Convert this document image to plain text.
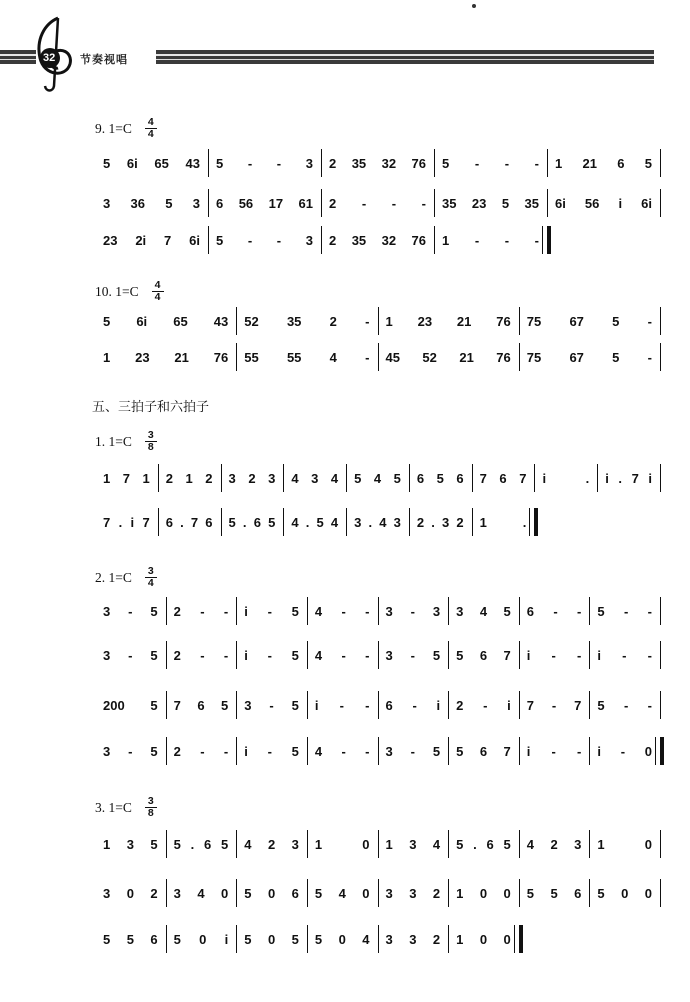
32 节奏视唱
9. 1=C	4
4
5 6i 65 43 5 - - 3 2 35 32 76 5 - - - 1 21 6 5
3 36 5 3 6 56 17 61 2 - - - 35 23 5 35 6i 56 i 6i
23 2i 7 6i 5 - - 3 2 35 32 76 1 - - -
10. 1=C	4
4
5 6i 65 43 52 35 2 - 1 23 21 76 75 67 5 -
1 23 21 76 55 55 4 - 45 52 21 76 75 67 5 -
1. 1=C	3
8
1 7 1 2 1 2 3 2 3 4 3 4 5 4 5 6 5 6 7 6 7 i	. i . 7 i
7 . i 7 6 . 7 6 5 . 6 5 4 . 5 4 3 . 4 3 2 . 3 2 1	.
2. 1=C	3
4
3 - 5 2 - - i - 5 4 - - 3 - 3 3 4 5 6 - - 5 - -
3 - 5 2 - - i - 5 4 - - 3 - 5 5 6 7 i - - i - -
200 5 7 6 5 3 - 5 i - - 6 - i 2 - i 7 - 7 5 - -
3 - 5 2 - - i - 5 4 - - 3 - 5 5 6 7 i - - i - 0
3. 1=C	3
8
1 3 5 5 . 6 5 4 2 3 1	0 1 3 4 5 . 6 5 4 2 3 1	0
3 0 2 3 4 0 5 0 6 5 4 0 3 3 2 1 0 0 5 5 6 5 0 0
5 5 6 5 0 i 5 0 5 5 0 4 3 3 2 1 0 0
五、三拍子和六拍子
